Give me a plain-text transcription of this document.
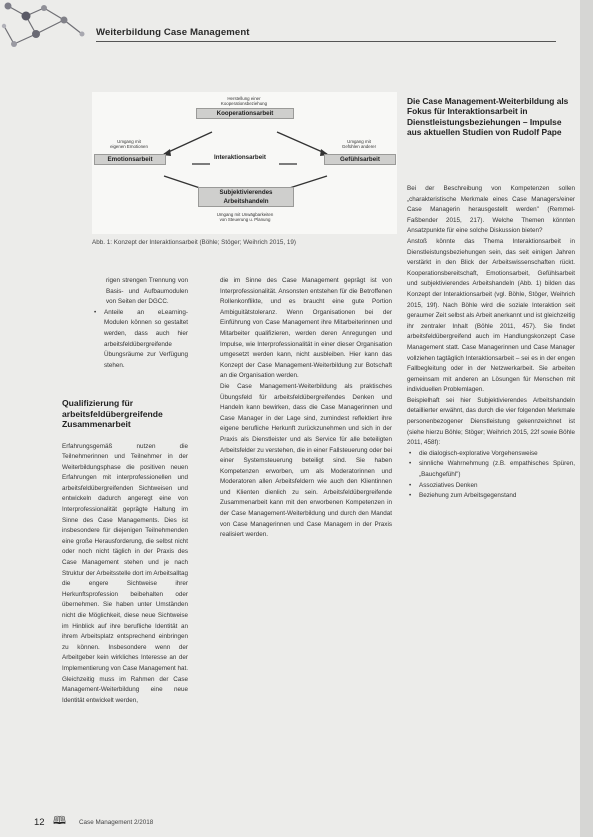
Weiterbildung Case Management
Herstellung einer
Kooperationsbeziehung
Kooperationsarbeit
Umgang mit
eigenen Emotionen
Emotionsarbeit	Interaktionsarbeit
Umgang mit
Gefühlen anderer
Gefühlsarbeit
Subjektivierendes
Arbeitshandeln
Umgang mit Unwägbarkeiten
von Steuerung u. Planung
Abb. 1: Konzept der Interaktionsarbeit (Böhle; Stöger; Weihrich 2015, 19)

rigen strengen Trennung von Basis- und Aufbaumodulen von Seiten der DGCC.

• Anteile an eLearning-Modulen können so gestaltet werden, dass auch hier arbeitsfeldübergreifende Übungsräume zur Verfügung stehen.
Qualifizierung für arbeitsfeldübergreifende Zusammenarbeit

Erfahrungsgemäß nutzen die Teilnehmerinnen und Teilnehmer in der Weiterbildungsphase die positiven neuen Erfahrungen mit interprofessionellen und arbeitsfeldübergreifenden Sichtweisen und entwickeln dadurch angeregt eine von Interprofessionalität geprägte Haltung im Sinne des Case Managements. Dies ist insbesondere für diejenigen Teilnehmenden eine große Herausforderung, die selbst nicht oder noch nicht täglich in der Praxis des Case Management stehen und je nach Struktur der Arbeitsstelle dort im Arbeitsalltag die engere Sichtweise ihrer Herkunftsprofession beibehalten oder übernehmen. Sie haben unter Umständen nicht die Möglichkeit, diese neue Sichtweise im Hinblick auf ihre berufliche Identität an ihrem Arbeitsplatz entsprechend einbringen zu können. Insbesondere wenn der Arbeitgeber kein wirkliches Interesse an der Implementierung von Case Management hat.

Gleichzeitig muss im Rahmen der Case Management-Weiterbildung eine neue Identität entwickelt werden,

die im Sinne des Case Management geprägt ist von Interprofessionalität. Ansonsten entstehen für die Betroffenen Rollenkonflikte, und es braucht eine gute Portion Ambiguitätstoleranz. Wenn Organisationen bei der Einführung von Case Management ihre Mitarbeiterinnen und Mitarbeiter qualifizieren, werden deren Anregungen und Impulse, wie Interprofessionalität in einer dieser Organisation umgesetzt werden kann, nicht ausbleiben. Hier kann das Konzept der Case Management-Weiterbildung zur Botschaft an die Organisation werden.

Die Case Management-Weiterbildung als praktisches Übungsfeld für arbeitsfeldübergreifendes Denken und Handeln kann bewirken, dass die Case Managerinnen und Case Manager in der Lage sind, zumindest reflektiert ihre eigene berufliche Herkunft zurückzunehmen und sich in der Praxis als Dienstleister und als Service für alle beteiligten Arbeitsfelder zu verstehen, die in einer Fallsteuerung oder bei einer Systemsteuerung beteiligt sind. Sie haben Kompetenzen erworben, um als Moderatorinnen und Moderatoren allen Arbeitsfeldern wie auch den Klientinnen und Klienten dienlich zu sein. Arbeitsfeldübergreifende Zusammenarbeit kann mit den erworbenen Kompetenzen in der Case Management-Weiterbildung und durch den Mandat von Case Managerinnen und Case Managern in der Praxis realisiert werden.

Die Case Management-Weiterbildung als Fokus für Interaktionsarbeit in Dienstleistungsbeziehungen – Impulse aus aktuellen Studien von Rudolf Pape

Bei der Beschreibung von Kompetenzen sollen „charakteristische Merkmale eines Case Managers/einer Case Managerin herausgestellt werden" (Remmel-Faßbender 2015, 217). Welche Themen könnten Ansatzpunkte für eine solche Diskussion bieten?

Anstoß könnte das Thema Interaktionsarbeit in Dienstleistungsbeziehungen sein, das seit einigen Jahren verstärkt in den Blick der Arbeitswissenschaften rückt. Kooperationsbereitschaft, Emotionsarbeit, Gefühlsarbeit und subjektivierendes Arbeitshandeln (Abb. 1) bilden das Konzept der Interaktionsarbeit (vgl. Böhle, Stöger, Weihrich 2015, 19f). Nach Böhle wird die soziale Interaktion seit geraumer Zeit selbst als Arbeit anerkannt und ist gleichzeitig ihr zentraler Inhalt (Böhle 2011, 457). Sie findet arbeitsfeldübergreifend auch im Handlungskonzept Case Management statt. Case Managerinnen und Case Manager vollziehen tagtäglich Interaktionsarbeit – sei es in der engen Fallbegleitung oder in der Netzwerkarbeit. Sie arbeiten gemeinsam mit anderen an Lösungen für Menschen mit individuellen Problemlagen.

Beispielhaft sei hier Subjektivierendes Arbeitshandeln detaillierter erwähnt, das durch die vier folgenden Merkmale personenbezogener Dienstleistung gekennzeichnet ist (siehe hierzu Böhle; Stöger; Weihrich 2015, 22f sowie Böhle 2011, 458f):

• die dialogisch-explorative Vorgehensweise
• sinnliche Wahrnehmung (z.B. empathisches Spüren, „Bauchgefühl")
• Assoziatives Denken
• Beziehung zum Arbeitsgegenstand
12 🕮 Case Management 2/2018
